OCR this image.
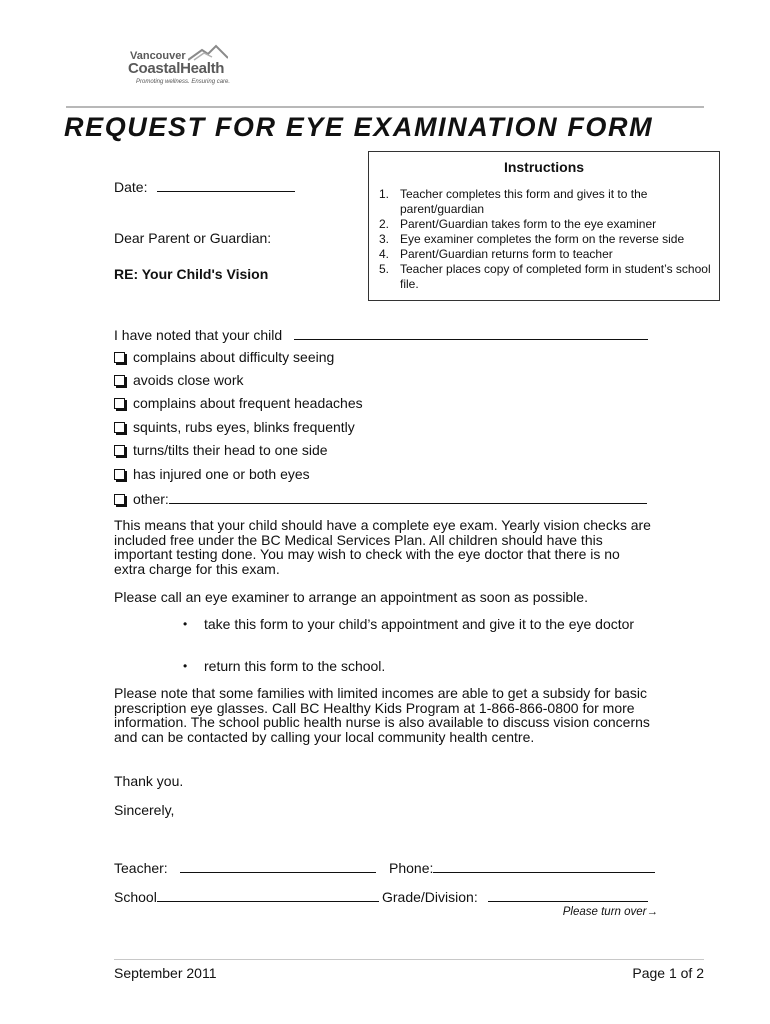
Vancouver
CoastalHealth
Promoting wellness. Ensuring care.
REQUEST FOR EYE EXAMINATION FORM
Instructions
1. Teacher completes this form and gives it to the parent/guardian
2. Parent/Guardian takes form to the eye examiner
3. Eye examiner completes the form on the reverse side
4. Parent/Guardian returns form to teacher
5. Teacher places copy of completed form in student’s school file.
Date:
Dear Parent or Guardian:
RE: Your Child's Vision
I have noted that your child
complains about difficulty seeing
avoids close work
complains about frequent headaches
squints, rubs eyes, blinks frequently
turns/tilts their head to one side
has injured one or both eyes
other:
This means that your child should have a complete eye exam. Yearly vision checks are included free under the BC Medical Services Plan. All children should have this important testing done. You may wish to check with the eye doctor that there is no extra charge for this exam.
Please call an eye examiner to arrange an appointment as soon as possible.
• take this form to your child’s appointment and give it to the eye doctor
• return this form to the school.
Please note that some families with limited incomes are able to get a subsidy for basic prescription eye glasses. Call BC Healthy Kids Program at 1-866-866-0800 for more information. The school public health nurse is also available to discuss vision concerns and can be contacted by calling your local community health centre.
Thank you.
Sincerely,
Teacher:	Phone:
School	Grade/Division:
Please turn over→
September 2011	Page 1 of 2
